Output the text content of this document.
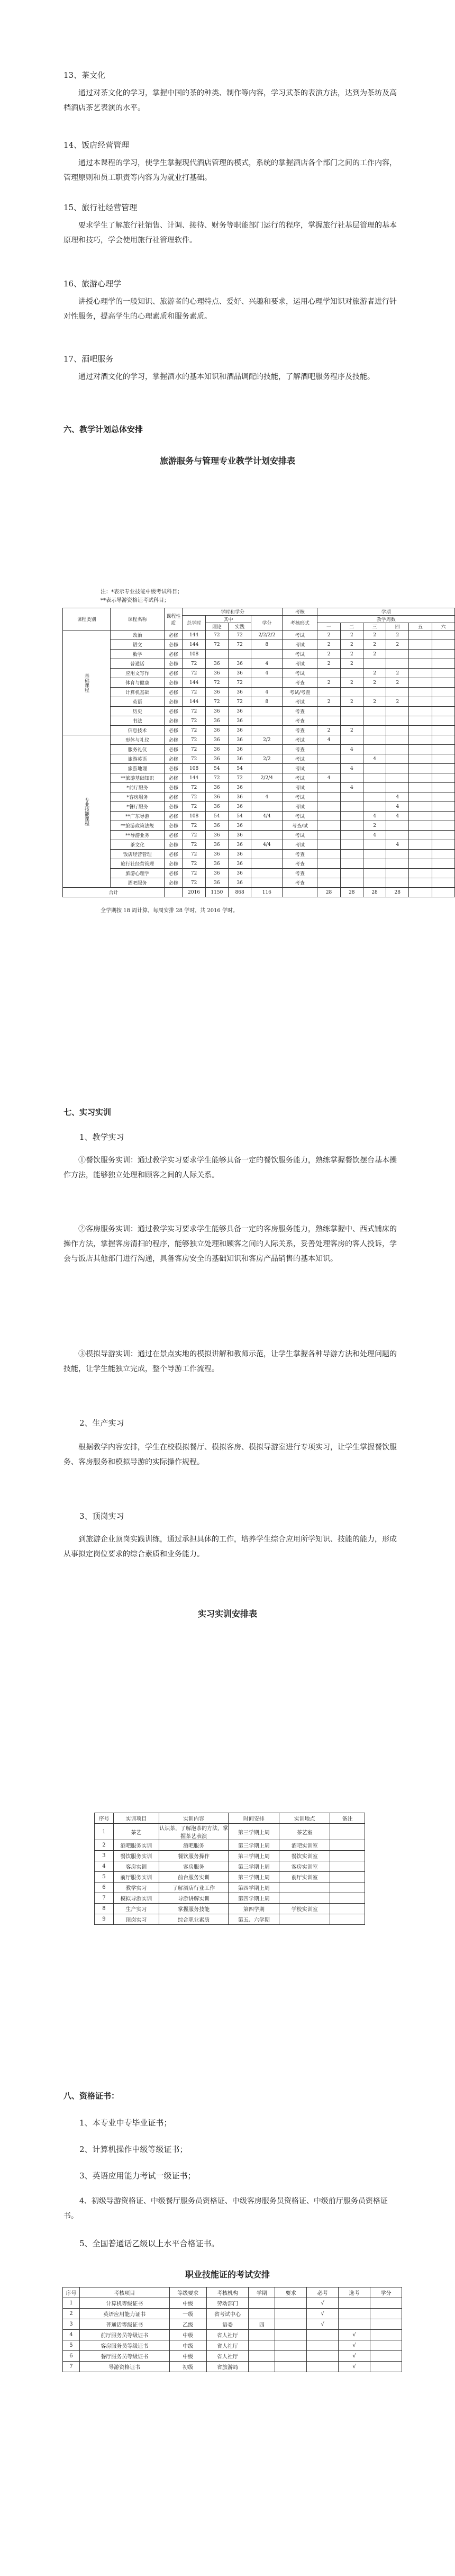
13、茶文化

通过对茶文化的学习，掌握中国的茶的种类、制作等内容，学习武茶的表演方法，达到为茶坊及高档酒店茶艺表演的水平。

14、饭店经营管理

通过本课程的学习，使学生掌握现代酒店管理的模式，系统的掌握酒店各个部门之间的工作内容，管理原则和员工职责等内容为为就业打基础。

15、旅行社经营管理

要求学生了解旅行社销售、计调、接待、财务等职能部门运行的程序，掌握旅行社基层管理的基本原理和技巧，学会使用旅行社管理软件。

16、旅游心理学

讲授心理学的一般知识、旅游者的心理特点、爱好、兴趣和要求，运用心理学知识对旅游者进行针对性服务，提高学生的心理素质和服务素质。

17、酒吧服务

通过对酒文化的学习，掌握酒水的基本知识和酒品调配的技能，了解酒吧服务程序及技能。

六、教学计划总体安排

旅游服务与管理专业教学计划安排表

注：*表示专业技能中级考试科目；

**表示导游资格证考试科目；

课程类别	课程名称	课程性质	学时和学分				考核	学期					
			总学时	其中		学分	考核形式	教学周数					
				理论	实践			一	二	三	四	五	六
基础课程	政治	必修	144	72	72	2/2/2/2	考试	2	2	2	2		
	语文	必修	144	72	72	8	考试	2	2	2	2		
	数学	必修	108				考试	2	2	2			
	普通话	必修	72	36	36	4	考试	2	2				
	应用文写作	必修	72	36	36	4	考试			2	2		
	体育与健康	必修	144	72	72		考查	2	2	2	2		
	计算机基础	必修	72	36	36	4	考试/考查						
	英语	必修	144	72	72	8	考试	2	2	2	2		
	历史	必修	72	36	36		考查						
	书法	必修	72	36	36		考查						
	信息技术	必修	72	36	36		考查	2	2				
专业技能课程	形体与礼仪	必修	72	36	36	2/2	考试	4					
	服务礼仪	必修	72	36	36		考查		4				
	旅游英语	必修	72	36	36	2/2	考试			4			
	旅游地理	必修	108	54	54		考试		4				
	**旅游基础知识	必修	144	72	72	2/2/4	考试	4					
	*前厅服务	必修	72	36	36		考试		4				
	*客房服务	必修	72	36	36	4	考试				4		
	*餐厅服务	必修	72	36	36		考试				4		
	**广东导游	必修	108	54	54	4/4	考试			4	4		
	**旅游政策法规	必修	72	36	36		考查/试			2			
	**导游业务	必修	72	36	36		考试			4			
	茶文化	必修	72	36	36	4/4	考试				4		
	饭店经营管理	必修	72	36	36		考查						
	旅行社经营管理	必修	72	36	36		考查						
	旅游心理学	必修	72	36	36		考查						
	酒吧服务	必修	72	36	36		考查						
合计			2016	1150	868	116		28	28	28	28		

全学期按 18 周计算，每周安排 28 学时，共 2016 学时。

七、实习实训

1、教学实习

①餐饮服务实训：通过教学实习要求学生能够具备一定的餐饮服务能力，熟练掌握餐饮摆台基本操作方法，能够独立处理和顾客之间的人际关系。

②客房服务实训：通过教学实习要求学生能够具备一定的客房服务能力，熟练掌握中、西式铺床的操作方法，掌握客房清扫的程序，能够独立处理和顾客之间的人际关系，妥善处理客房的客人投诉，学会与饭店其他部门进行沟通，具备客房安全的基础知识和客房产品销售的基本知识。

③模拟导游实训：通过在景点实地的模拟讲解和教师示范，让学生掌握各种导游方法和处理问题的技能，让学生能独立完成，整个导游工作流程。

2、生产实习

根据教学内容安排，学生在校模拟餐厅、模拟客房、模拟导游室进行专项实习，让学生掌握餐饮服务、客房服务和模拟导游的实际操作规程。

3、顶岗实习

到旅游企业顶岗实践训练，通过承担具体的工作，培养学生综合应用所学知识、技能的能力，形成从事拟定岗位要求的综合素质和业务能力。

实习实训安排表

序号	实训项目	实训内容	时间安排	实训地点	备注
1	茶艺	认识茶，了解泡茶的方法，掌握茶艺表演	第三学期上周	茶艺室	
2	酒吧服务实训	酒吧服务	第三学期上周	酒吧实训室	
3	餐饮服务实训	餐饮服务操作	第三学期上周	餐饮实训室	
4	客房实训	客房服务	第三学期上周	客房实训室	
5	前厅服务实训	前台服务实训	第三学期上周	前厅实训室	
6	教学实习	了解酒店行业工作	第四学期上周		
7	模拟导游实训	导游讲解实训	第四学期上周		
8	生产实习	掌握服务技能	第四学期	学校实训室	
9	顶岗实习	综合职业素质	第五、六学期		

八、资格证书：

1、本专业中专毕业证书；

2、计算机操作中级等级证书；

3、英语应用能力考试一级证书；

4、初级导游资格证、中级餐厅服务员资格证、中级客房服务员资格证、中级前厅服务员资格证书。

5、全国普通话乙级以上水平合格证书。

职业技能证的考试安排

序号	考核项目	等级要求	考核机构	学期	要求	必考	选考	学分
1	计算机等级证书	中级	劳动部门			√		
2	英语应用能力证书	一级	省考试中心			√		
3	普通话等级证书	乙级	语委	四		√		
4	前厅服务员等级证书	中级	省人社厅				√	
5	客房服务员等级证书	中级	省人社厅				√	
6	餐厅服务员等级证书	中级	省人社厅				√	
7	导游资格证书	初级	省旅游局				√	
